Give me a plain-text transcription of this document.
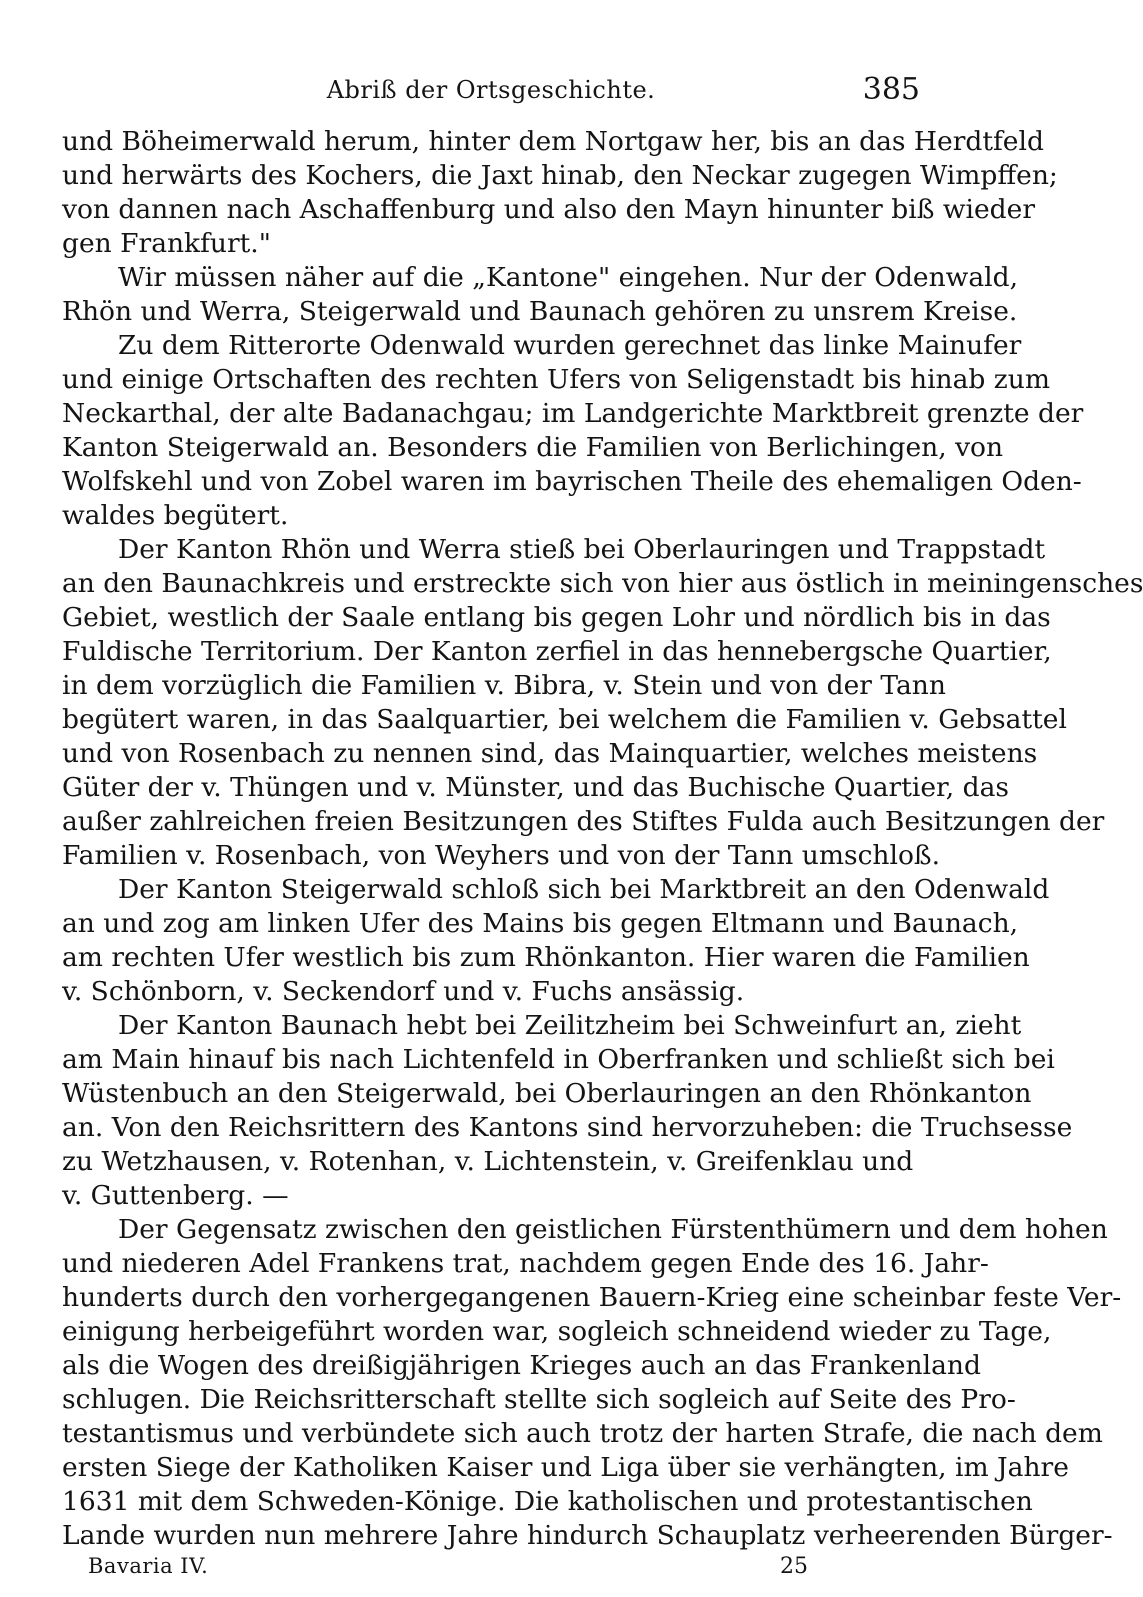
Abriß der Ortsgeschichte.	385
und Böheimerwald herum, hinter dem Nortgaw her, bis an das Herdtfeld
und herwärts des Kochers, die Jaxt hinab, den Neckar zugegen Wimpffen;
von dannen nach Aschaffenburg und also den Mayn hinunter biß wieder
gen Frankfurt."
Wir müssen näher auf die „Kantone" eingehen. Nur der Odenwald,
Rhön und Werra, Steigerwald und Baunach gehören zu unsrem Kreise.
Zu dem Ritterorte Odenwald wurden gerechnet das linke Mainufer
und einige Ortschaften des rechten Ufers von Seligenstadt bis hinab zum
Neckarthal, der alte Badanachgau; im Landgerichte Marktbreit grenzte der
Kanton Steigerwald an. Besonders die Familien von Berlichingen, von
Wolfskehl und von Zobel waren im bayrischen Theile des ehemaligen Oden-
waldes begütert.
Der Kanton Rhön und Werra stieß bei Oberlauringen und Trappstadt
an den Baunachkreis und erstreckte sich von hier aus östlich in meiningensches
Gebiet, westlich der Saale entlang bis gegen Lohr und nördlich bis in das
Fuldische Territorium. Der Kanton zerfiel in das hennebergsche Quartier,
in dem vorzüglich die Familien v. Bibra, v. Stein und von der Tann
begütert waren, in das Saalquartier, bei welchem die Familien v. Gebsattel
und von Rosenbach zu nennen sind, das Mainquartier, welches meistens
Güter der v. Thüngen und v. Münster, und das Buchische Quartier, das
außer zahlreichen freien Besitzungen des Stiftes Fulda auch Besitzungen der
Familien v. Rosenbach, von Weyhers und von der Tann umschloß.
Der Kanton Steigerwald schloß sich bei Marktbreit an den Odenwald
an und zog am linken Ufer des Mains bis gegen Eltmann und Baunach,
am rechten Ufer westlich bis zum Rhönkanton. Hier waren die Familien
v. Schönborn, v. Seckendorf und v. Fuchs ansässig.
Der Kanton Baunach hebt bei Zeilitzheim bei Schweinfurt an, zieht
am Main hinauf bis nach Lichtenfeld in Oberfranken und schließt sich bei
Wüstenbuch an den Steigerwald, bei Oberlauringen an den Rhönkanton
an. Von den Reichsrittern des Kantons sind hervorzuheben: die Truchsesse
zu Wetzhausen, v. Rotenhan, v. Lichtenstein, v. Greifenklau und
v. Guttenberg. —
Der Gegensatz zwischen den geistlichen Fürstenthümern und dem hohen
und niederen Adel Frankens trat, nachdem gegen Ende des 16. Jahr-
hunderts durch den vorhergegangenen Bauern-Krieg eine scheinbar feste Ver-
einigung herbeigeführt worden war, sogleich schneidend wieder zu Tage,
als die Wogen des dreißigjährigen Krieges auch an das Frankenland
schlugen. Die Reichsritterschaft stellte sich sogleich auf Seite des Pro-
testantismus und verbündete sich auch trotz der harten Strafe, die nach dem
ersten Siege der Katholiken Kaiser und Liga über sie verhängten, im Jahre
1631 mit dem Schweden-Könige. Die katholischen und protestantischen
Lande wurden nun mehrere Jahre hindurch Schauplatz verheerenden Bürger-
Bavaria IV.	25
